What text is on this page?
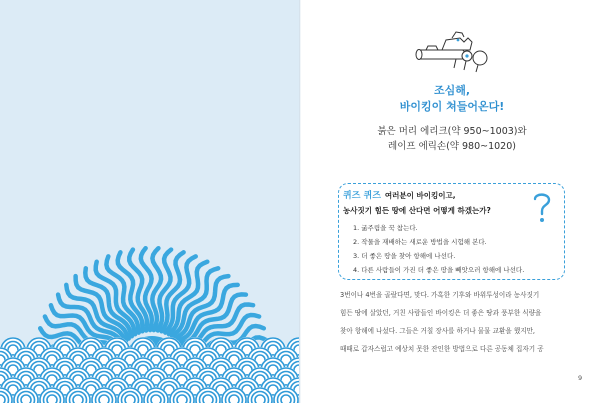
조심해,
바이킹이 쳐들어온다!
붉은 머리 에리크(약 950~1003)와
레이프 에릭손(약 980~1020)
퀴즈 퀴즈 여러분이 바이킹이고,
농사짓기 힘든 땅에 산다면 어떻게 하겠는가?
1. 굶주림을 꾹 참는다.
2. 작물을 재배하는 새로운 방법을 시험해 본다.
3. 더 좋은 땅을 찾아 항해에 나선다.
4. 다른 사람들이 가진 더 좋은 땅을 빼앗으러 항해에 나선다.
3번이나 4번을 골랐다면, 맞다. 가혹한 기후와 바위투성이라 농사짓기
힘든 땅에 살았던, 거친 사람들인 바이킹은 더 좋은 땅과 풍부한 식량을
찾아 항해에 나섰다. 그들은 거칠 장사를 하거나 물물 교환을 했지만,
때때로 갑자스럽고 예상치 못한 잔인한 방법으로 다른 공동체 집자기 공
9
